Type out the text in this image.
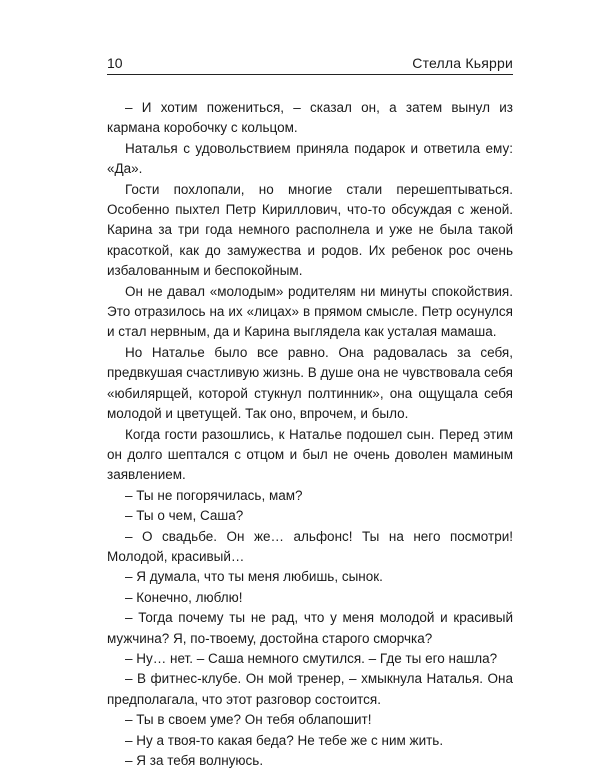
10	Стелла Кьярри

– И хотим пожениться, – сказал он, а затем вынул из кармана коробочку с кольцом.

Наталья с удовольствием приняла подарок и ответила ему: «Да».

Гости похлопали, но многие стали перешептываться. Особенно пыхтел Петр Кириллович, что-то обсуждая с женой. Карина за три года немного располнела и уже не была такой красоткой, как до замужества и родов. Их ребенок рос очень избалованным и беспокойным.

Он не давал «молодым» родителям ни минуты спокойствия. Это отразилось на их «лицах» в прямом смысле. Петр осунулся и стал нервным, да и Карина выглядела как усталая мамаша.

Но Наталье было все равно. Она радовалась за себя, предвкушая счастливую жизнь. В душе она не чувствовала себя «юбилярщей, которой стукнул полтинник», она ощущала себя молодой и цветущей. Так оно, впрочем, и было.

Когда гости разошлись, к Наталье подошел сын. Перед этим он долго шептался с отцом и был не очень доволен маминым заявлением.

– Ты не погорячилась, мам?

– Ты о чем, Саша?

– О свадьбе. Он же… альфонс! Ты на него посмотри! Молодой, красивый…

– Я думала, что ты меня любишь, сынок.

– Конечно, люблю!

– Тогда почему ты не рад, что у меня молодой и красивый мужчина? Я, по-твоему, достойна старого сморчка?

– Ну… нет. – Саша немного смутился. – Где ты его нашла?

– В фитнес-клубе. Он мой тренер, – хмыкнула Наталья. Она предполагала, что этот разговор состоится.

– Ты в своем уме? Он тебя облапошит!

– Ну а твоя-то какая беда? Не тебе же с ним жить.

– Я за тебя волнуюсь.
